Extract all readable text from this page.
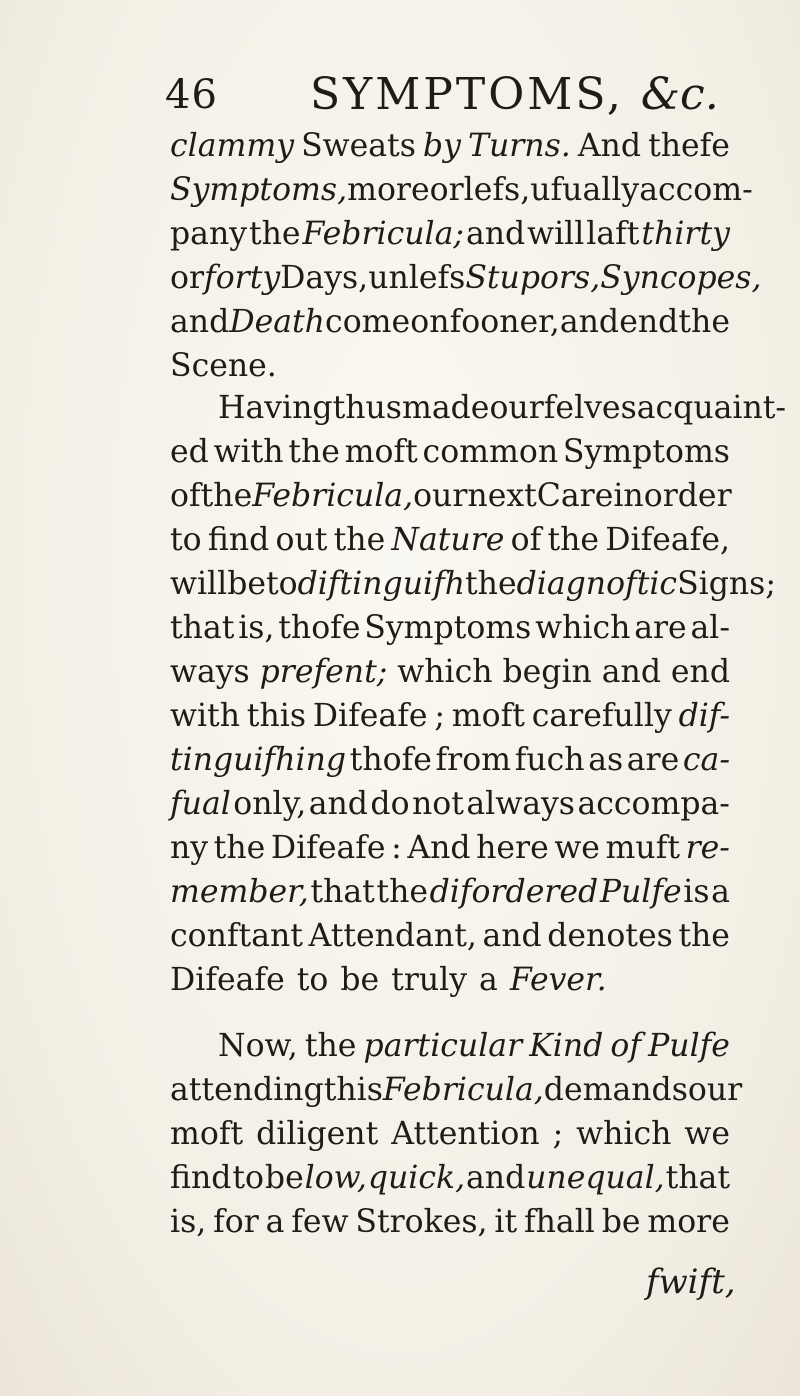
46 SYMPTOMS, &c.
clammy Sweats by Turns. And thefe
Symptoms, more or lefs, ufually accom-
pany the Febricula; and will laft thirty
or forty Days, unlefs Stupors, Syncopes,
and Death come on fooner, and end the
Scene.
Having thus made ourfelves acquaint-
ed with the moft common Symptoms
of the Febricula, our next Care in order
to find out the Nature of the Difeafe,
will be to diftinguifh the diagnoftic Signs;
that is, thofe Symptoms which are al-
ways prefent; which begin and end
with this Difeafe ; moft carefully dif-
tinguifhing thofe from fuch as are ca-
fual only, and do not always accompa-
ny the Difeafe : And here we muft re-
member, that the difordered Pulfe is a
conftant Attendant, and denotes the
Difeafe to be truly a Fever.
Now, the particular Kind of Pulfe
attending this Febricula, demands our
moft diligent Attention ; which we
find to be low, quick, and unequal, that
is, for a few Strokes, it fhall be more
fwift,
